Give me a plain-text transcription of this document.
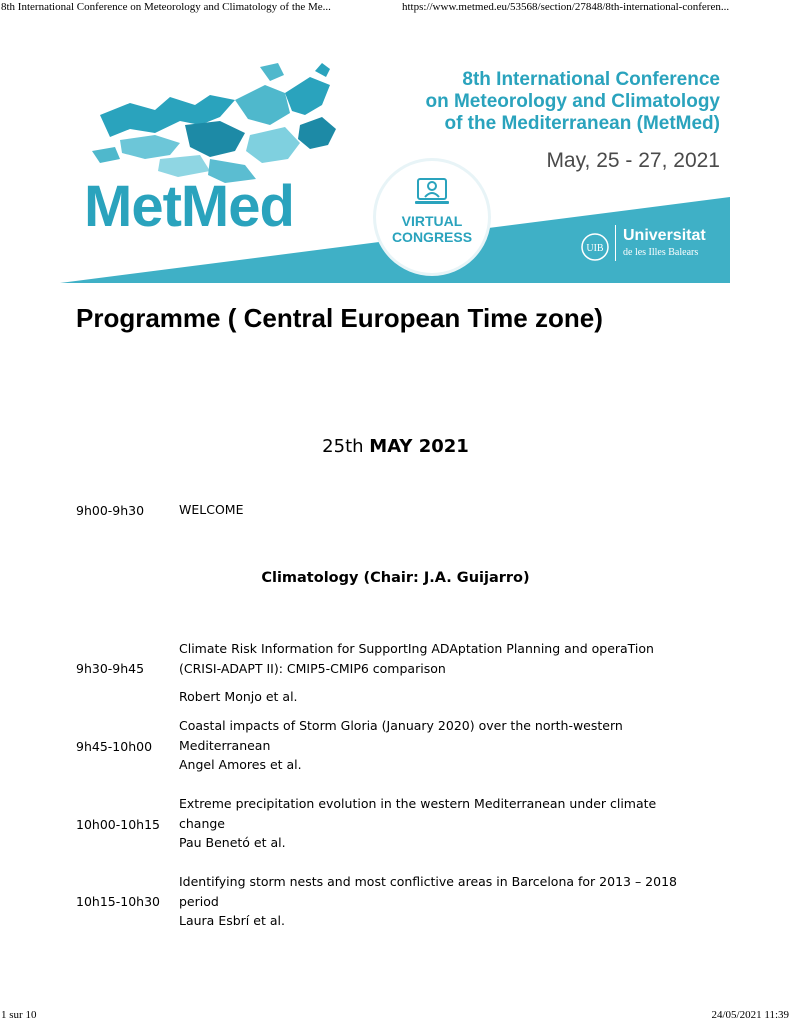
8th International Conference on Meteorology and Climatology of the Me...	https://www.metmed.eu/53568/section/27848/8th-international-conferen...
8th International Conference
on Meteorology and Climatology
of the Mediterranean (MetMed)
May, 25 - 27, 2021
MetMed	VIRTUAL
CONGRESS
UIB
Universitat
de les Illes Balears
Programme ( Central European Time zone)
25th MAY 2021
9h00-9h30	WELCOME
Climatology (Chair: J.A. Guijarro)
9h30-9h45
Climate Risk Information for SupportIng ADAptation Planning and operaTion
(CRISI-ADAPT II): CMIP5-CMIP6 comparison
Robert Monjo et al.
9h45-10h00
Coastal impacts of Storm Gloria (January 2020) over the north-western
Mediterranean
Angel Amores et al.
10h00-10h15
Extreme precipitation evolution in the western Mediterranean under climate
change
Pau Benetó et al.
10h15-10h30
Identifying storm nests and most conflictive areas in Barcelona for 2013 – 2018
period
Laura Esbrí et al.
1 sur 10	24/05/2021 11:39
